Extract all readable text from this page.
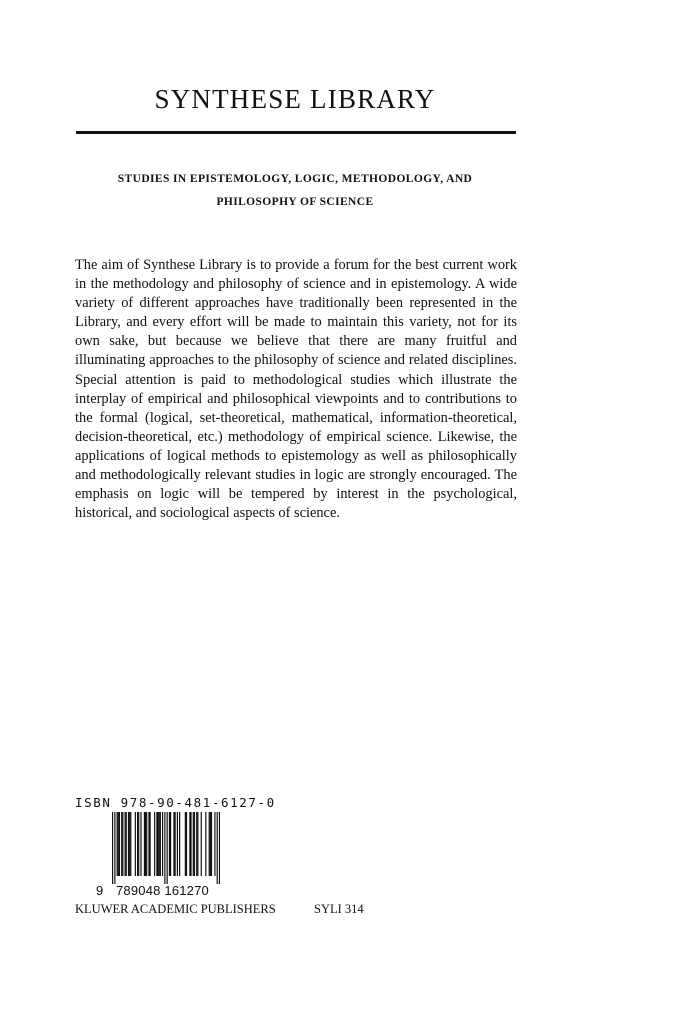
SYNTHESE LIBRARY
STUDIES IN EPISTEMOLOGY, LOGIC, METHODOLOGY, AND
PHILOSOPHY OF SCIENCE

The aim of Synthese Library is to provide a forum for the best current work in the methodology and philosophy of science and in epistemology. A wide variety of different approaches have traditionally been represented in the Library, and every effort will be made to maintain this variety, not for its own sake, but because we believe that there are many fruitful and illuminating approaches to the philosophy of science and related disciplines. Special attention is paid to methodological studies which illustrate the interplay of empirical and philosophical viewpoints and to contributions to the formal (logical, set-theoretical, mathematical, information-theoretical, decision-theoretical, etc.) methodology of empirical science. Likewise, the applications of logical methods to epistemology as well as philosophically and methodologically relevant studies in logic are strongly encouraged. The emphasis on logic will be tempered by interest in the psychological, historical, and sociological aspects of science.

ISBN 978-90-481-6127-0
9 789048 161270
KLUWER ACADEMIC PUBLISHERS	SYLI 314
